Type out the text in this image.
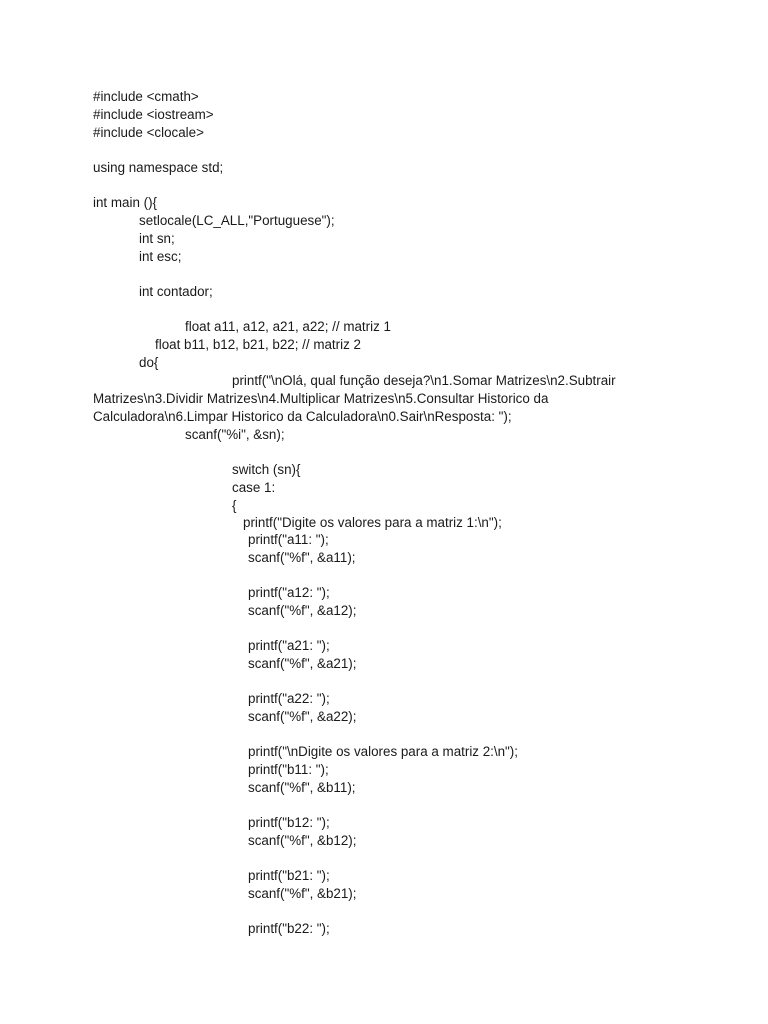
#include <cmath>
#include <iostream>
#include <clocale>
using namespace std;
int main (){
setlocale(LC_ALL,"Portuguese");
int sn;
int esc;
int contador;
float a11, a12, a21, a22; // matriz 1
float b11, b12, b21, b22; // matriz 2
do{
printf("\nOlá, qual função deseja?\n1.Somar Matrizes\n2.Subtrair
Matrizes\n3.Dividir Matrizes\n4.Multiplicar Matrizes\n5.Consultar Historico da
Calculadora\n6.Limpar Historico da Calculadora\n0.Sair\nResposta: ");
scanf("%i", &sn);
switch (sn){
case 1:
{
printf("Digite os valores para a matriz 1:\n");
printf("a11: ");
scanf("%f", &a11);
printf("a12: ");
scanf("%f", &a12);
printf("a21: ");
scanf("%f", &a21);
printf("a22: ");
scanf("%f", &a22);
printf("\nDigite os valores para a matriz 2:\n");
printf("b11: ");
scanf("%f", &b11);
printf("b12: ");
scanf("%f", &b12);
printf("b21: ");
scanf("%f", &b21);
printf("b22: ");
